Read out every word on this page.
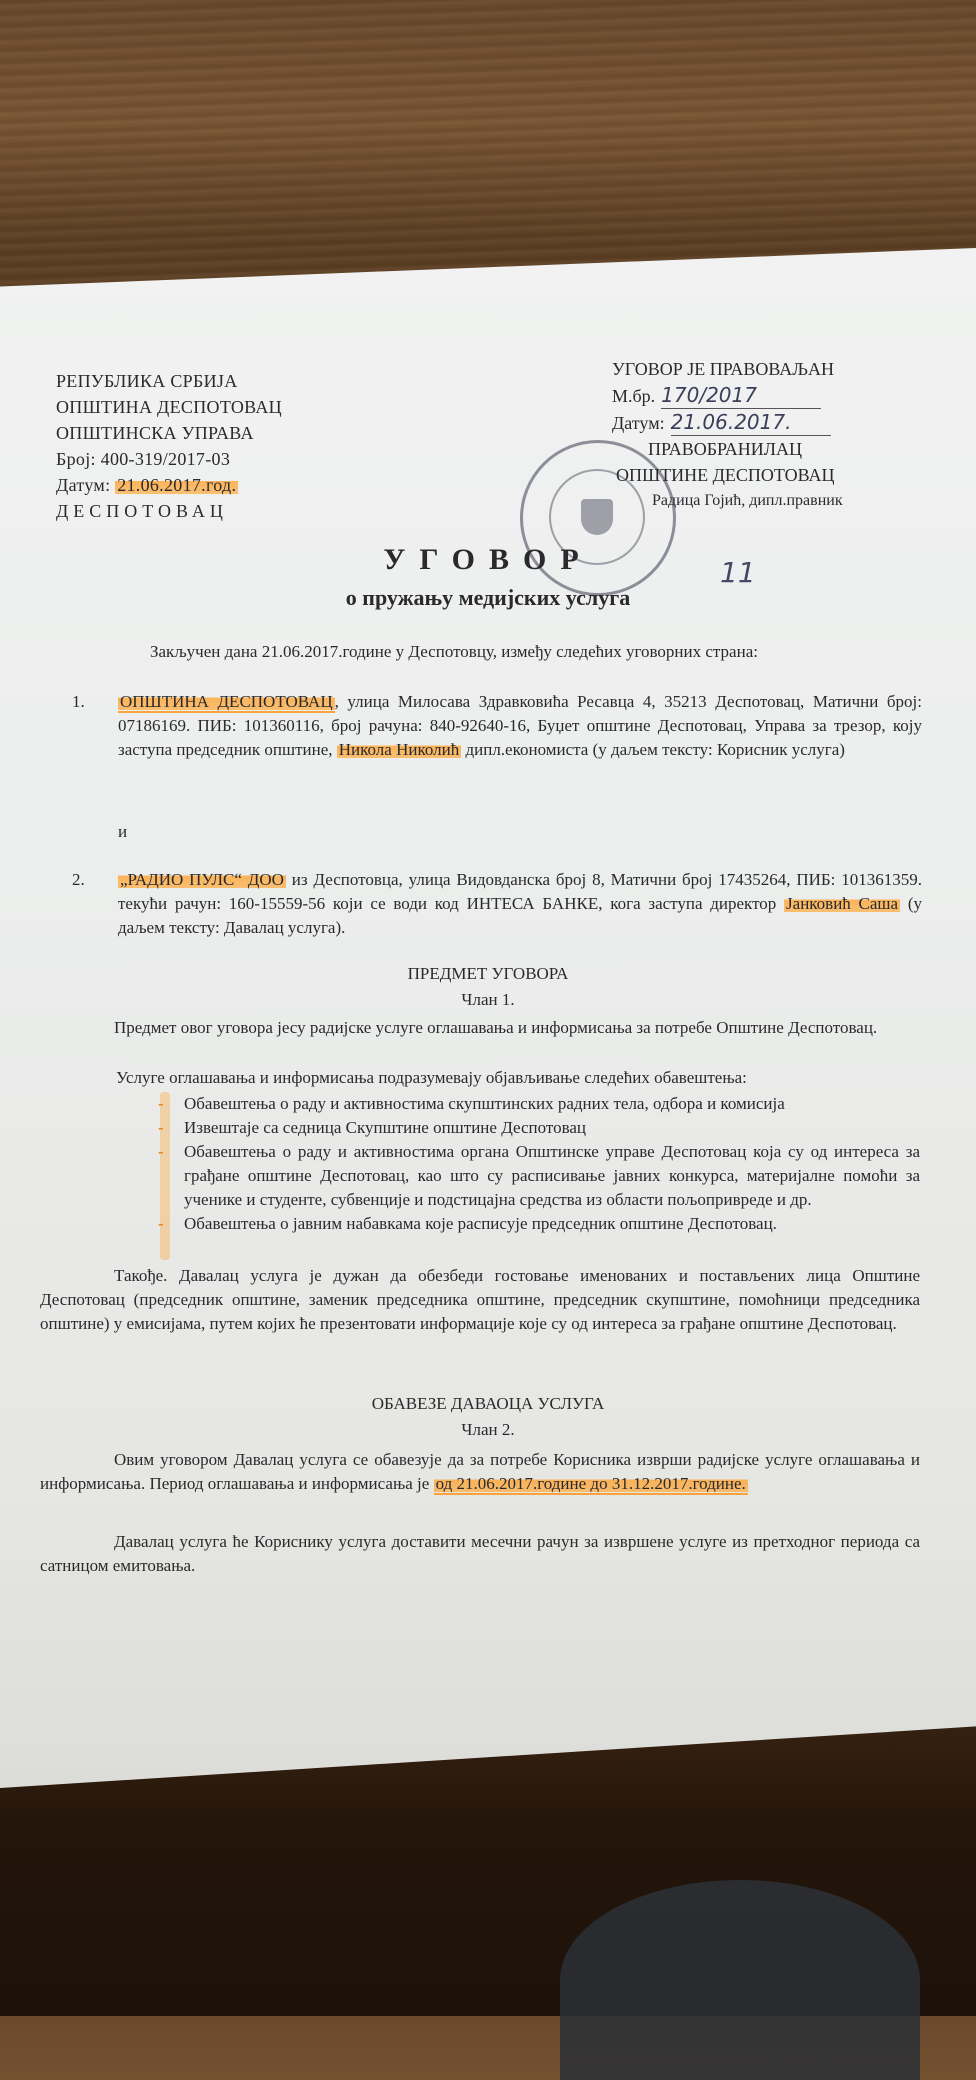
РЕПУБЛИКА СРБИЈА
ОПШТИНА ДЕСПОТОВАЦ
ОПШТИНСКА УПРАВА
Број: 400-319/2017-03
Датум: 21.06.2017.год.
ДЕСПОТОВАЦ
УГОВОР ЈЕ ПРАВОВАЉАН
М.бр. 170/2017
Датум: 21.06.2017.
ПРАВОБРАНИЛАЦ
ОПШТИНЕ ДЕСПОТОВАЦ
Радица Гојић, дипл.правник
11
УГОВОР
о пружању медијских услуга
Закључен дана 21.06.2017.године у Деспотовцу, између следећих уговорних страна:
1.	ОПШТИНА ДЕСПОТОВАЦ , улица Милосава Здравковића Ресавца 4, 35213 Деспотовац, Матични број: 07186169. ПИБ: 101360116, број рачуна: 840-92640-16, Буџет општине Деспотовац, Управа за трезор, коју заступа председник општине, Никола Николић дипл.економиста (у даљем тексту: Корисник услуга)
и
2.	„РАДИО ПУЛС“ ДОО из Деспотовца, улица Видовданска број 8, Матични број 17435264, ПИБ: 101361359. текући рачун: 160-15559-56 који се води код ИНТЕСА БАНКЕ, кога заступа директор Јанковић Саша (у даљем тексту: Давалац услуга).
ПРЕДМЕТ УГОВОРА
Члан 1.
Предмет овог уговора јесу радијске услуге оглашавања и информисања за потребе Општине Деспотовац.
Услуге оглашавања и информисања подразумевају објављивање следећих обавештења:
- Обавештења о раду и активностима скупштинских радних тела, одбора и комисија
- Извештаје са седница Скупштине општине Деспотовац
- Обавештења о раду и активностима органа Општинске управе Деспотовац која су од интереса за грађане општине Деспотовац, као што су расписивање јавних конкурса, материјалне помоћи за ученике и студенте, субвенције и подстицајна средства из области пољопривреде и др.
- Обавештења о јавним набавкама које расписује председник општине Деспотовац.
Такође. Давалац услуга је дужан да обезбеди гостовање именованих и постављених лица Општине Деспотовац (председник општине, заменик председника општине, председник скупштине, помоћници председника општине) у емисијама, путем којих ће презентовати информације које су од интереса за грађане општине Деспотовац.
ОБАВЕЗЕ ДАВАОЦА УСЛУГА
Члан 2.
Овим уговором Давалац услуга се обавезује да за потребе Корисника изврши радијске услуге оглашавања и информисања. Период оглашавања и информисања је од 21.06.2017.године до 31.12.2017.године.
Давалац услуга ће Кориснику услуга доставити месечни рачун за извршене услуге из претходног периода са сатницом емитовања.
